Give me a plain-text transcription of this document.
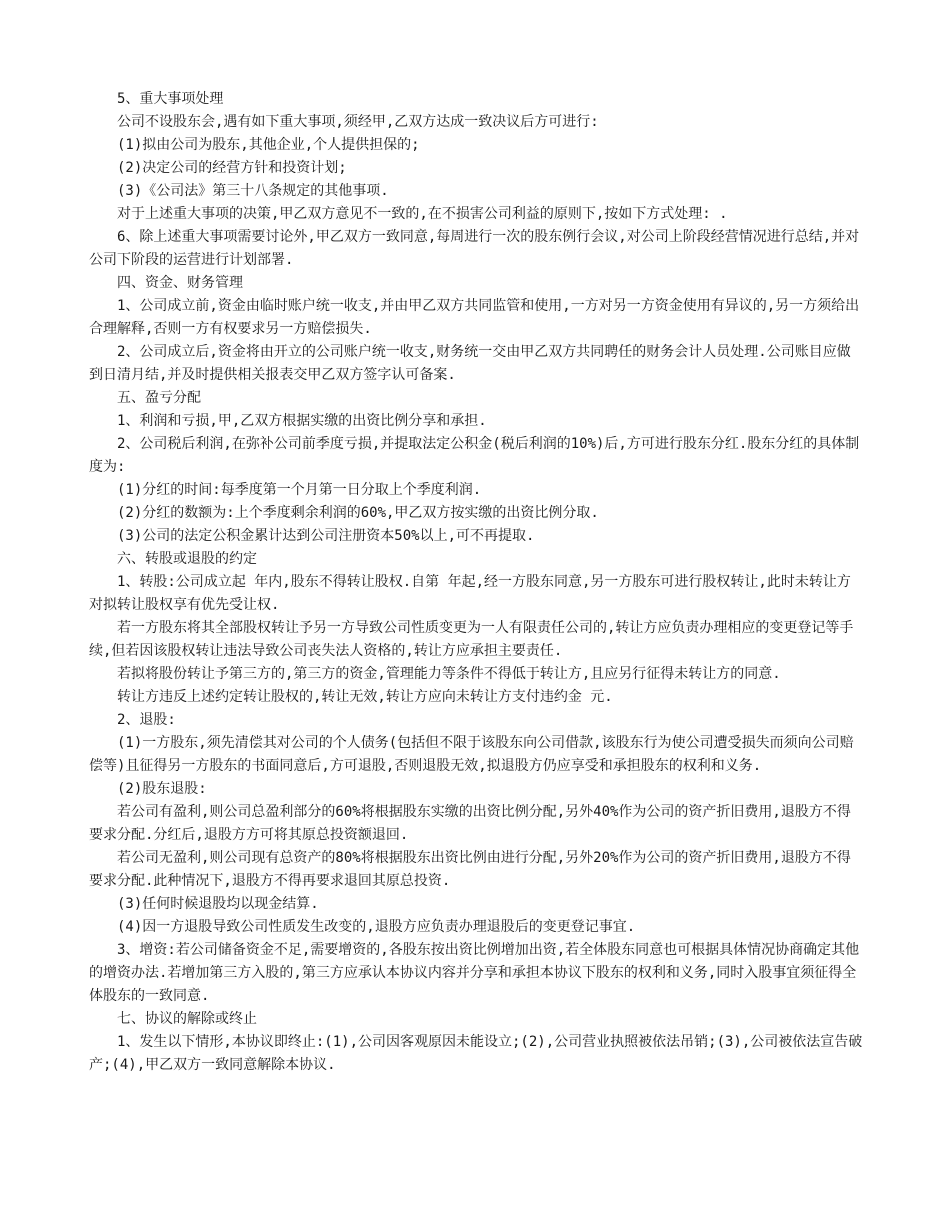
5、重大事项处理

公司不设股东会,遇有如下重大事项,须经甲,乙双方达成一致决议后方可进行:

(1)拟由公司为股东,其他企业,个人提供担保的;

(2)决定公司的经营方针和投资计划;

(3)《公司法》第三十八条规定的其他事项.

对于上述重大事项的决策,甲乙双方意见不一致的,在不损害公司利益的原则下,按如下方式处理: .

6、除上述重大事项需要讨论外,甲乙双方一致同意,每周进行一次的股东例行会议,对公司上阶段经营情况进行总结,并对公司下阶段的运营进行计划部署.

四、资金、财务管理

1、公司成立前,资金由临时账户统一收支,并由甲乙双方共同监管和使用,一方对另一方资金使用有异议的,另一方须给出合理解释,否则一方有权要求另一方赔偿损失.

2、公司成立后,资金将由开立的公司账户统一收支,财务统一交由甲乙双方共同聘任的财务会计人员处理.公司账目应做到日清月结,并及时提供相关报表交甲乙双方签字认可备案.

五、盈亏分配

1、利润和亏损,甲,乙双方根据实缴的出资比例分享和承担.

2、公司税后利润,在弥补公司前季度亏损,并提取法定公积金(税后利润的10%)后,方可进行股东分红.股东分红的具体制度为:

(1)分红的时间:每季度第一个月第一日分取上个季度利润.

(2)分红的数额为:上个季度剩余利润的60%,甲乙双方按实缴的出资比例分取.

(3)公司的法定公积金累计达到公司注册资本50%以上,可不再提取.

六、转股或退股的约定

1、转股:公司成立起 年内,股东不得转让股权.自第 年起,经一方股东同意,另一方股东可进行股权转让,此时未转让方对拟转让股权享有优先受让权.

若一方股东将其全部股权转让予另一方导致公司性质变更为一人有限责任公司的,转让方应负责办理相应的变更登记等手续,但若因该股权转让违法导致公司丧失法人资格的,转让方应承担主要责任.

若拟将股份转让予第三方的,第三方的资金,管理能力等条件不得低于转让方,且应另行征得未转让方的同意.

转让方违反上述约定转让股权的,转让无效,转让方应向未转让方支付违约金 元.

2、退股:

(1)一方股东,须先清偿其对公司的个人债务(包括但不限于该股东向公司借款,该股东行为使公司遭受损失而须向公司赔偿等)且征得另一方股东的书面同意后,方可退股,否则退股无效,拟退股方仍应享受和承担股东的权利和义务.

(2)股东退股:

若公司有盈利,则公司总盈利部分的60%将根据股东实缴的出资比例分配,另外40%作为公司的资产折旧费用,退股方不得要求分配.分红后,退股方方可将其原总投资额退回.

若公司无盈利,则公司现有总资产的80%将根据股东出资比例由进行分配,另外20%作为公司的资产折旧费用,退股方不得要求分配.此种情况下,退股方不得再要求退回其原总投资.

(3)任何时候退股均以现金结算.

(4)因一方退股导致公司性质发生改变的,退股方应负责办理退股后的变更登记事宜.

3、增资:若公司储备资金不足,需要增资的,各股东按出资比例增加出资,若全体股东同意也可根据具体情况协商确定其他的增资办法.若增加第三方入股的,第三方应承认本协议内容并分享和承担本协议下股东的权利和义务,同时入股事宜须征得全体股东的一致同意.

七、协议的解除或终止

1、发生以下情形,本协议即终止:(1),公司因客观原因未能设立;(2),公司营业执照被依法吊销;(3),公司被依法宣告破产;(4),甲乙双方一致同意解除本协议.
